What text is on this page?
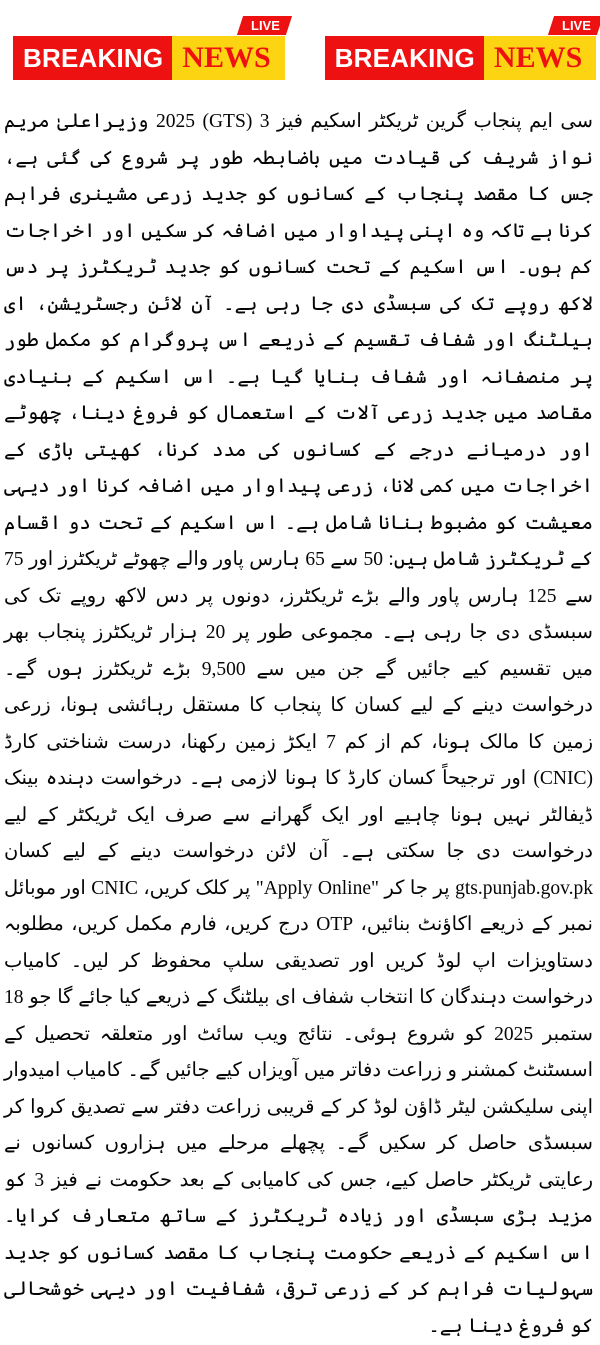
BREAKING NEWS
LIVE
BREAKING NEWS
LIVE

سی ایم پنجاب گرین ٹریکٹر اسکیم فیز 3 (GTS) 2025 وزیراعلیٰ مریم نواز شریف کی قیادت میں باضابطہ طور پر شروع کی گئی ہے، جس کا مقصد پنجاب کے کسانوں کو جدید زرعی مشینری فراہم کرنا ہے تاکہ وہ اپنی پیداوار میں اضافہ کر سکیں اور اخراجات کم ہوں۔ اس اسکیم کے تحت کسانوں کو جدید ٹریکٹرز پر دس لاکھ روپے تک کی سبسڈی دی جا رہی ہے۔ آن لائن رجسٹریشن، ای بیلٹنگ اور شفاف تقسیم کے ذریعے اس پروگرام کو مکمل طور پر منصفانہ اور شفاف بنایا گیا ہے۔ اس اسکیم کے بنیادی مقاصد میں جدید زرعی آلات کے استعمال کو فروغ دینا، چھوٹے اور درمیانے درجے کے کسانوں کی مدد کرنا، کھیتی باڑی کے اخراجات میں کمی لانا، زرعی پیداوار میں اضافہ کرنا اور دیہی معیشت کو مضبوط بنانا شامل ہے۔ اس اسکیم کے تحت دو اقسام کے ٹریکٹرز شامل ہیں: 50 سے 65 ہارس پاور والے چھوٹے ٹریکٹرز اور 75 سے 125 ہارس پاور والے بڑے ٹریکٹرز، دونوں پر دس لاکھ روپے تک کی سبسڈی دی جا رہی ہے۔ مجموعی طور پر 20 ہزار ٹریکٹرز پنجاب بھر میں تقسیم کیے جائیں گے جن میں سے 9,500 بڑے ٹریکٹرز ہوں گے۔ درخواست دینے کے لیے کسان کا پنجاب کا مستقل رہائشی ہونا، زرعی زمین کا مالک ہونا، کم از کم 7 ایکڑ زمین رکھنا، درست شناختی کارڈ (CNIC) اور ترجیحاً کسان کارڈ کا ہونا لازمی ہے۔ درخواست دہندہ بینک ڈیفالٹر نہیں ہونا چاہیے اور ایک گھرانے سے صرف ایک ٹریکٹر کے لیے درخواست دی جا سکتی ہے۔ آن لائن درخواست دینے کے لیے کسان gts.punjab.gov.pk پر جا کر "Apply Online" پر کلک کریں، CNIC اور موبائل نمبر کے ذریعے اکاؤنٹ بنائیں، OTP درج کریں، فارم مکمل کریں، مطلوبہ دستاویزات اپ لوڈ کریں اور تصدیقی سلپ محفوظ کر لیں۔ کامیاب درخواست دہندگان کا انتخاب شفاف ای بیلٹنگ کے ذریعے کیا جائے گا جو 18 ستمبر 2025 کو شروع ہوئی۔ نتائج ویب سائٹ اور متعلقہ تحصیل کے اسسٹنٹ کمشنر و زراعت دفاتر میں آویزاں کیے جائیں گے۔ کامیاب امیدوار اپنی سلیکشن لیٹر ڈاؤن لوڈ کر کے قریبی زراعت دفتر سے تصدیق کروا کر سبسڈی حاصل کر سکیں گے۔ پچھلے مرحلے میں ہزاروں کسانوں نے رعایتی ٹریکٹر حاصل کیے، جس کی کامیابی کے بعد حکومت نے فیز 3 کو مزید بڑی سبسڈی اور زیادہ ٹریکٹرز کے ساتھ متعارف کرایا۔ اس اسکیم کے ذریعے حکومت پنجاب کا مقصد کسانوں کو جدید سہولیات فراہم کر کے زرعی ترقی، شفافیت اور دیہی خوشحالی کو فروغ دینا ہے۔
